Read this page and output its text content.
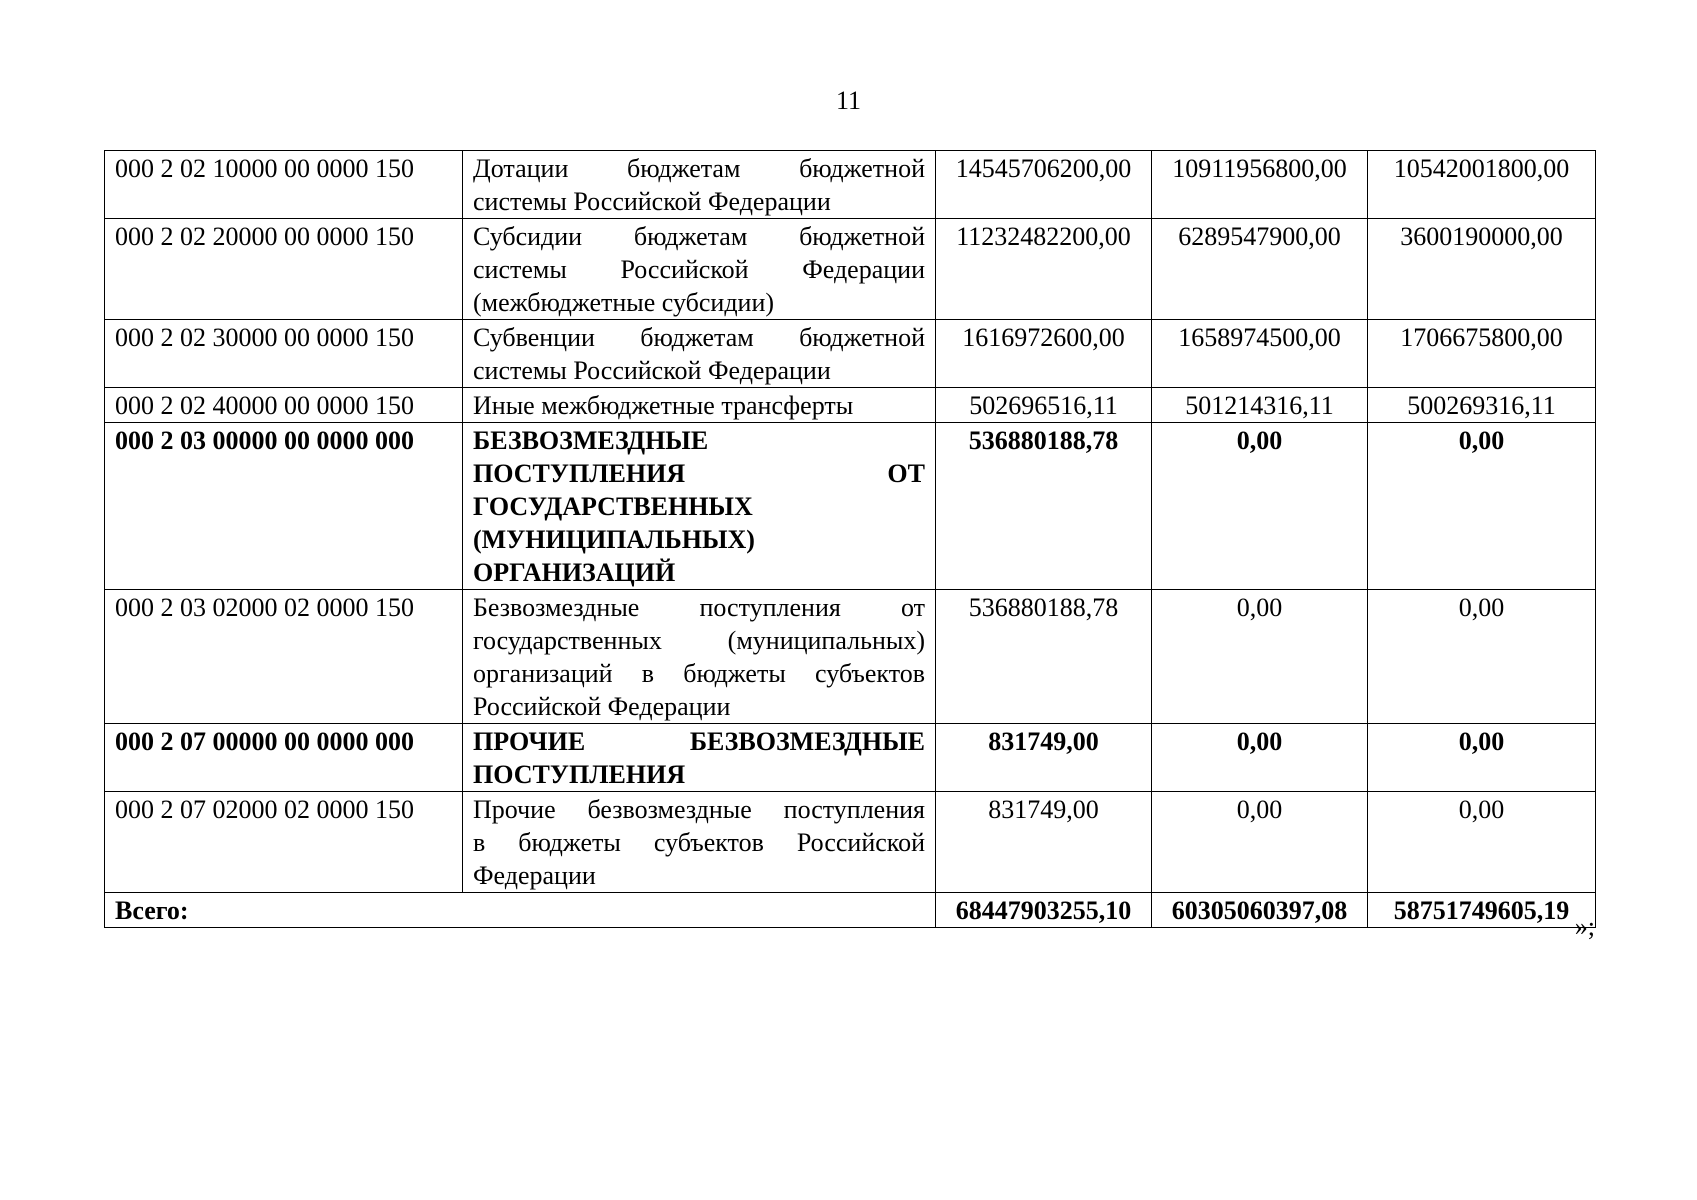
11
000 2 02 10000 00 0000 150	Дотации бюджетам бюджетной
системы Российской Федерации	14545706200,00	10911956800,00	10542001800,00
000 2 02 20000 00 0000 150	Субсидии бюджетам бюджетной
системы Российской Федерации
(межбюджетные субсидии)	11232482200,00	6289547900,00	3600190000,00
000 2 02 30000 00 0000 150	Субвенции бюджетам бюджетной
системы Российской Федерации	1616972600,00	1658974500,00	1706675800,00
000 2 02 40000 00 0000 150	Иные межбюджетные трансферты	502696516,11	501214316,11	500269316,11
000 2 03 00000 00 0000 000	БЕЗВОЗМЕЗДНЫЕ
ПОСТУПЛЕНИЯ ОТ
ГОСУДАРСТВЕННЫХ
(МУНИЦИПАЛЬНЫХ)
ОРГАНИЗАЦИЙ	536880188,78	0,00	0,00
000 2 03 02000 02 0000 150	Безвозмездные поступления от
государственных (муниципальных)
организаций в бюджеты субъектов
Российской Федерации	536880188,78	0,00	0,00
000 2 07 00000 00 0000 000	ПРОЧИЕ БЕЗВОЗМЕЗДНЫЕ
ПОСТУПЛЕНИЯ	831749,00	0,00	0,00
000 2 07 02000 02 0000 150	Прочие безвозмездные поступления
в бюджеты субъектов Российской
Федерации	831749,00	0,00	0,00
Всего:		68447903255,10	60305060397,08	58751749605,19
»;
